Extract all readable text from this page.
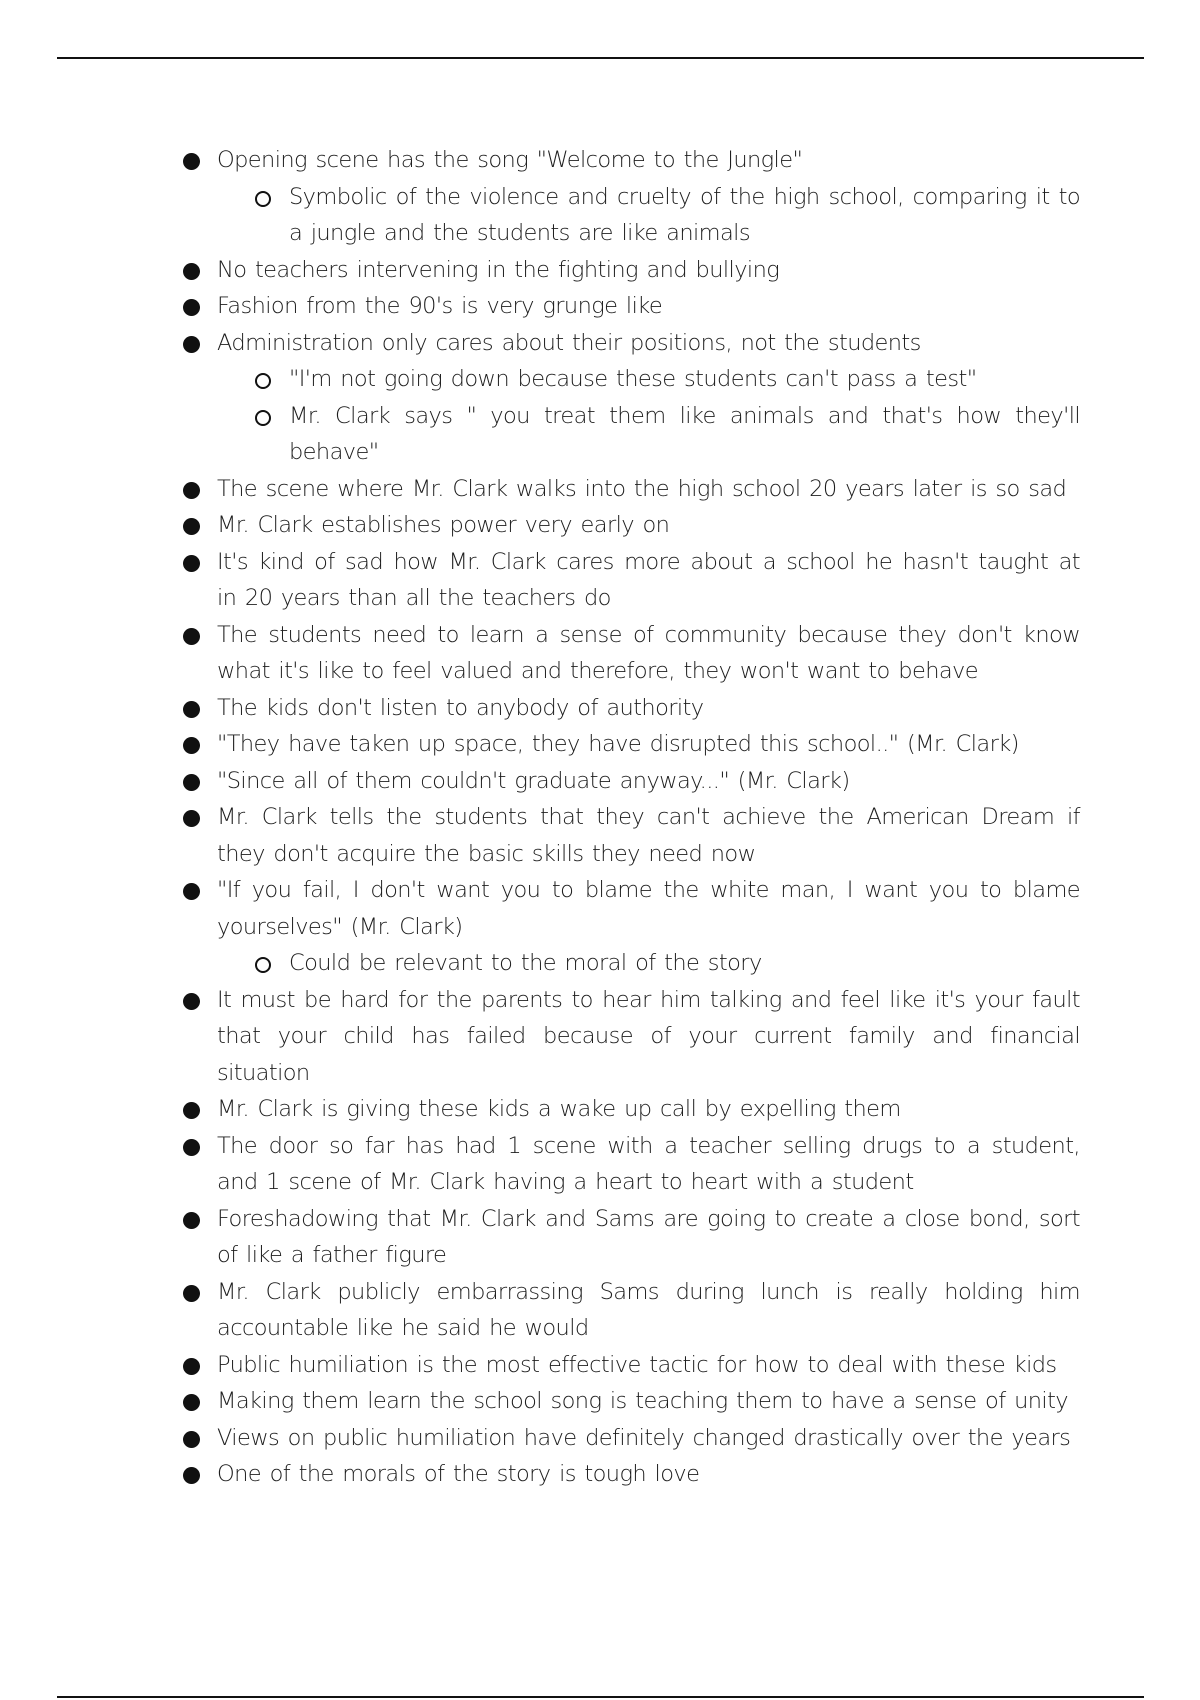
Opening scene has the song "Welcome to the Jungle"
Symbolic of the violence and cruelty of the high school, comparing it to a jungle and the students are like animals
No teachers intervening in the fighting and bullying
Fashion from the 90's is very grunge like
Administration only cares about their positions, not the students
"I'm not going down because these students can't pass a test"
Mr. Clark says " you treat them like animals and that's how they'll behave"
The scene where Mr. Clark walks into the high school 20 years later is so sad
Mr. Clark establishes power very early on
It's kind of sad how Mr. Clark cares more about a school he hasn't taught at in 20 years than all the teachers do
The students need to learn a sense of community because they don't know what it's like to feel valued and therefore, they won't want to behave
The kids don't listen to anybody of authority
"They have taken up space, they have disrupted this school.." (Mr. Clark)
"Since all of them couldn't graduate anyway..." (Mr. Clark)
Mr. Clark tells the students that they can't achieve the American Dream if they don't acquire the basic skills they need now
"If you fail, I don't want you to blame the white man, I want you to blame yourselves" (Mr. Clark)
Could be relevant to the moral of the story
It must be hard for the parents to hear him talking and feel like it's your fault that your child has failed because of your current family and financial situation
Mr. Clark is giving these kids a wake up call by expelling them
The door so far has had 1 scene with a teacher selling drugs to a student, and 1 scene of Mr. Clark having a heart to heart with a student
Foreshadowing that Mr. Clark and Sams are going to create a close bond, sort of like a father figure
Mr. Clark publicly embarrassing Sams during lunch is really holding him accountable like he said he would
Public humiliation is the most effective tactic for how to deal with these kids
Making them learn the school song is teaching them to have a sense of unity
Views on public humiliation have definitely changed drastically over the years
One of the morals of the story is tough love
